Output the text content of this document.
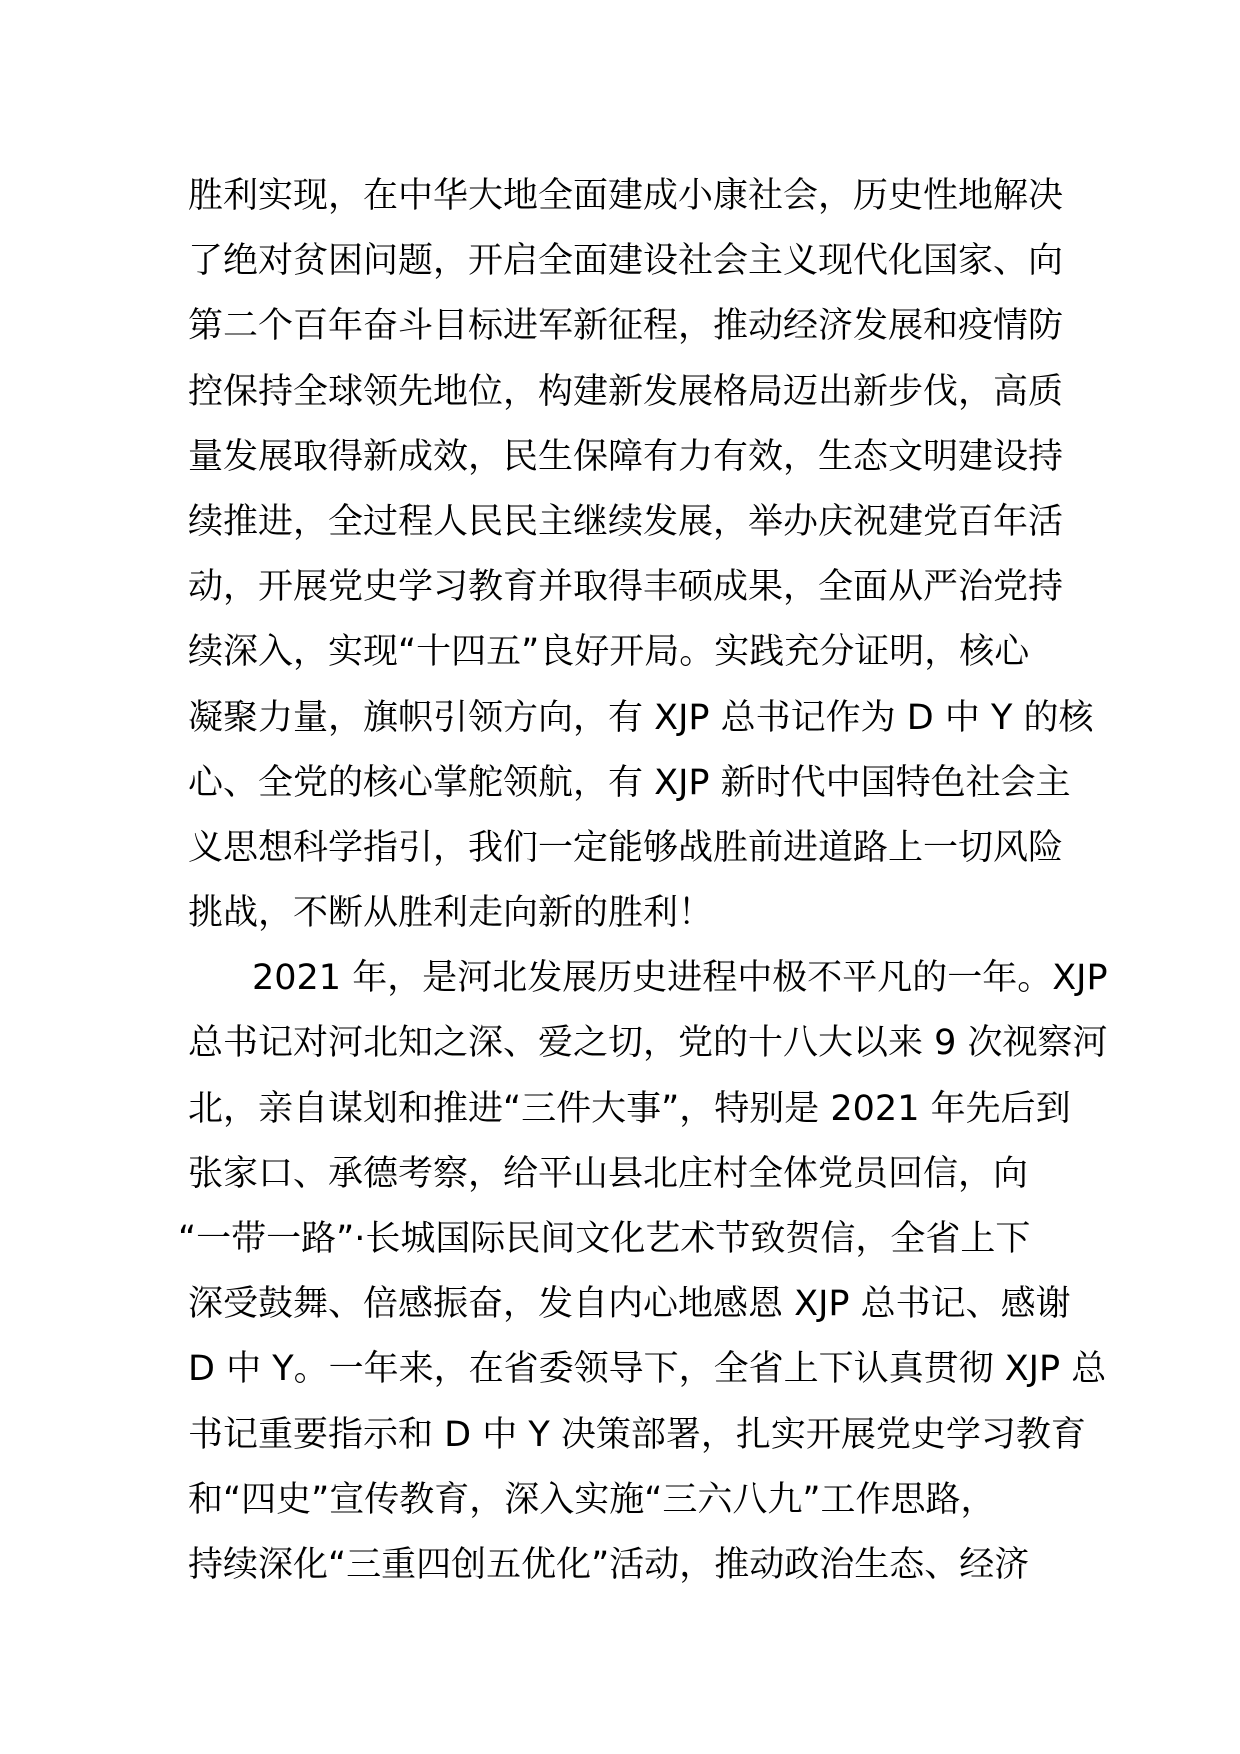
胜利实现，在中华大地全面建成小康社会，历史性地解决
了绝对贫困问题，开启全面建设社会主义现代化国家、向
第二个百年奋斗目标进军新征程，推动经济发展和疫情防
控保持全球领先地位，构建新发展格局迈出新步伐，高质
量发展取得新成效，民生保障有力有效，生态文明建设持
续推进，全过程人民民主继续发展，举办庆祝建党百年活
动，开展党史学习教育并取得丰硕成果，全面从严治党持
续深入，实现“十四五”良好开局。实践充分证明，核心
凝聚力量，旗帜引领方向，有 XJP 总书记作为 D 中 Y 的核
心、全党的核心掌舵领航，有 XJP 新时代中国特色社会主
义思想科学指引，我们一定能够战胜前进道路上一切风险
挑战，不断从胜利走向新的胜利！
2021 年，是河北发展历史进程中极不平凡的一年。XJP
总书记对河北知之深、爱之切，党的十八大以来 9 次视察河
北，亲自谋划和推进“三件大事”，特别是 2021 年先后到
张家口、承德考察，给平山县北庄村全体党员回信，向
“一带一路”·长城国际民间文化艺术节致贺信，全省上下
深受鼓舞、倍感振奋，发自内心地感恩 XJP 总书记、感谢
D 中 Y。一年来，在省委领导下，全省上下认真贯彻 XJP 总
书记重要指示和 D 中 Y 决策部署，扎实开展党史学习教育
和“四史”宣传教育，深入实施“三六八九”工作思路，
持续深化“三重四创五优化”活动，推动政治生态、经济
